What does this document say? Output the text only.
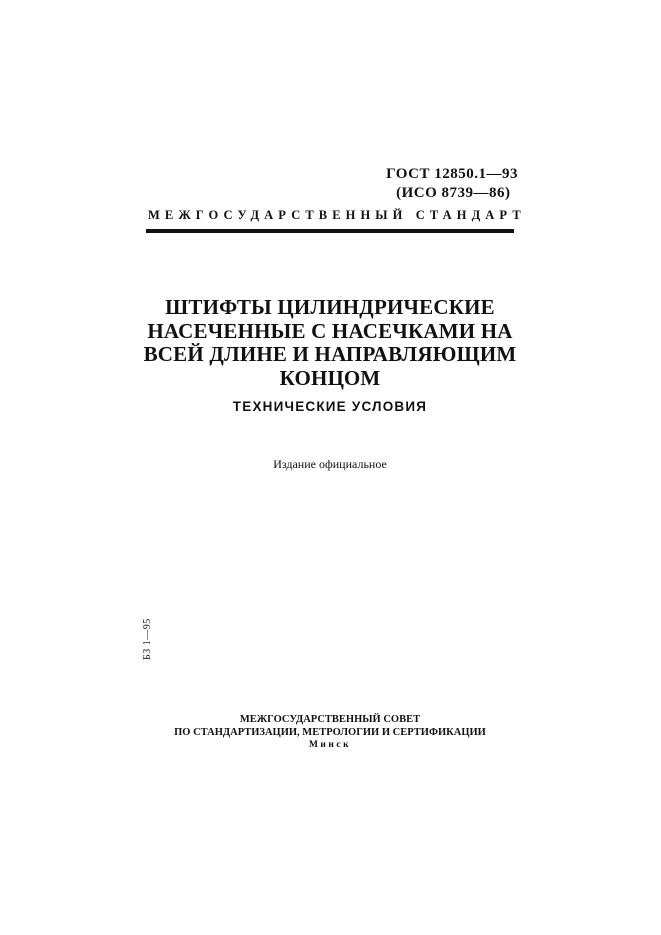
ГОСТ 12850.1—93
(ИСО 8739—86)
МЕЖГОСУДАРСТВЕННЫЙ СТАНДАРТ
ШТИФТЫ ЦИЛИНДРИЧЕСКИЕ
НАСЕЧЕННЫЕ С НАСЕЧКАМИ НА
ВСЕЙ ДЛИНЕ И НАПРАВЛЯЮЩИМ
КОНЦОМ
ТЕХНИЧЕСКИЕ УСЛОВИЯ
Издание официальное
БЗ 1—95
МЕЖГОСУДАРСТВЕННЫЙ СОВЕТ
ПО СТАНДАРТИЗАЦИИ, МЕТРОЛОГИИ И СЕРТИФИКАЦИИ
Минск
